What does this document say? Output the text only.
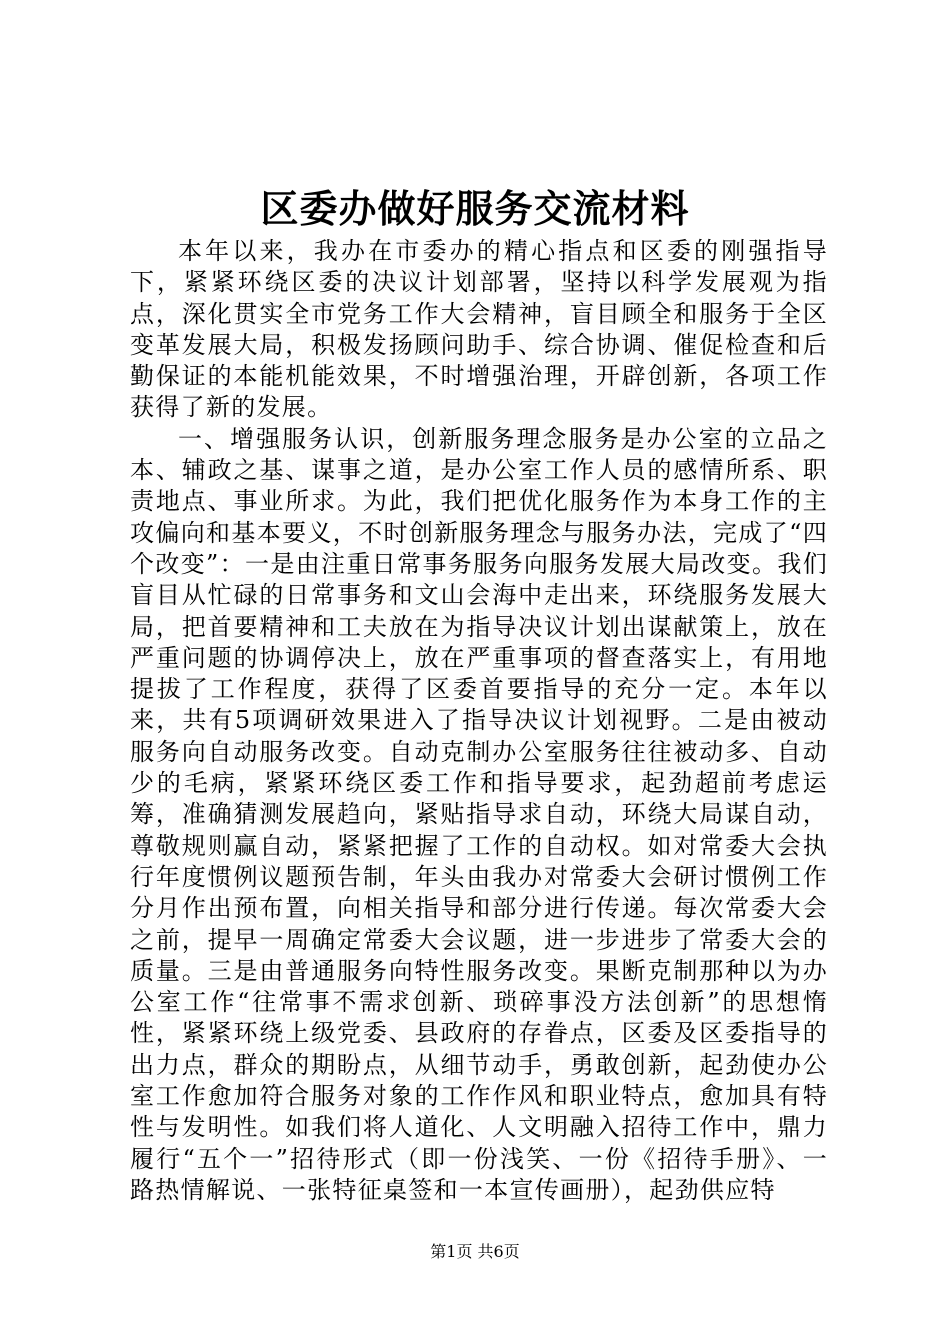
区委办做好服务交流材料

本年以来，我办在市委办的精心指点和区委的刚强指导下，紧紧环绕区委的决议计划部署，坚持以科学发展观为指点，深化贯实全市党务工作大会精神，盲目顾全和服务于全区变革发展大局，积极发扬顾问助手、综合协调、催促检查和后勤保证的本能机能效果，不时增强治理，开辟创新，各项工作获得了新的发展。

一、增强服务认识，创新服务理念服务是办公室的立品之本、辅政之基、谋事之道，是办公室工作人员的感情所系、职责地点、事业所求。为此，我们把优化服务作为本身工作的主攻偏向和基本要义，不时创新服务理念与服务办法，完成了“四个改变”：一是由注重日常事务服务向服务发展大局改变。我们盲目从忙碌的日常事务和文山会海中走出来，环绕服务发展大局，把首要精神和工夫放在为指导决议计划出谋献策上，放在严重问题的协调停决上，放在严重事项的督查落实上，有用地提拔了工作程度，获得了区委首要指导的充分一定。本年以来，共有5项调研效果进入了指导决议计划视野。二是由被动服务向自动服务改变。自动克制办公室服务往往被动多、自动少的毛病，紧紧环绕区委工作和指导要求，起劲超前考虑运筹，准确猜测发展趋向，紧贴指导求自动，环绕大局谋自动，尊敬规则赢自动，紧紧把握了工作的自动权。如对常委大会执行年度惯例议题预告制，年头由我办对常委大会研讨惯例工作分月作出预布置，向相关指导和部分进行传递。每次常委大会之前，提早一周确定常委大会议题，进一步进步了常委大会的质量。三是由普通服务向特性服务改变。果断克制那种以为办公室工作“往常事不需求创新、琐碎事没方法创新”的思想惰性，紧紧环绕上级党委、县政府的存眷点，区委及区委指导的出力点，群众的期盼点，从细节动手，勇敢创新，起劲使办公室工作愈加符合服务对象的工作作风和职业特点，愈加具有特性与发明性。如我们将人道化、人文明融入招待工作中，鼎力履行“五个一”招待形式（即一份浅笑、一份《招待手册》、一路热情解说、一张特征桌签和一本宣传画册），起劲供应特

第1页 共6页
